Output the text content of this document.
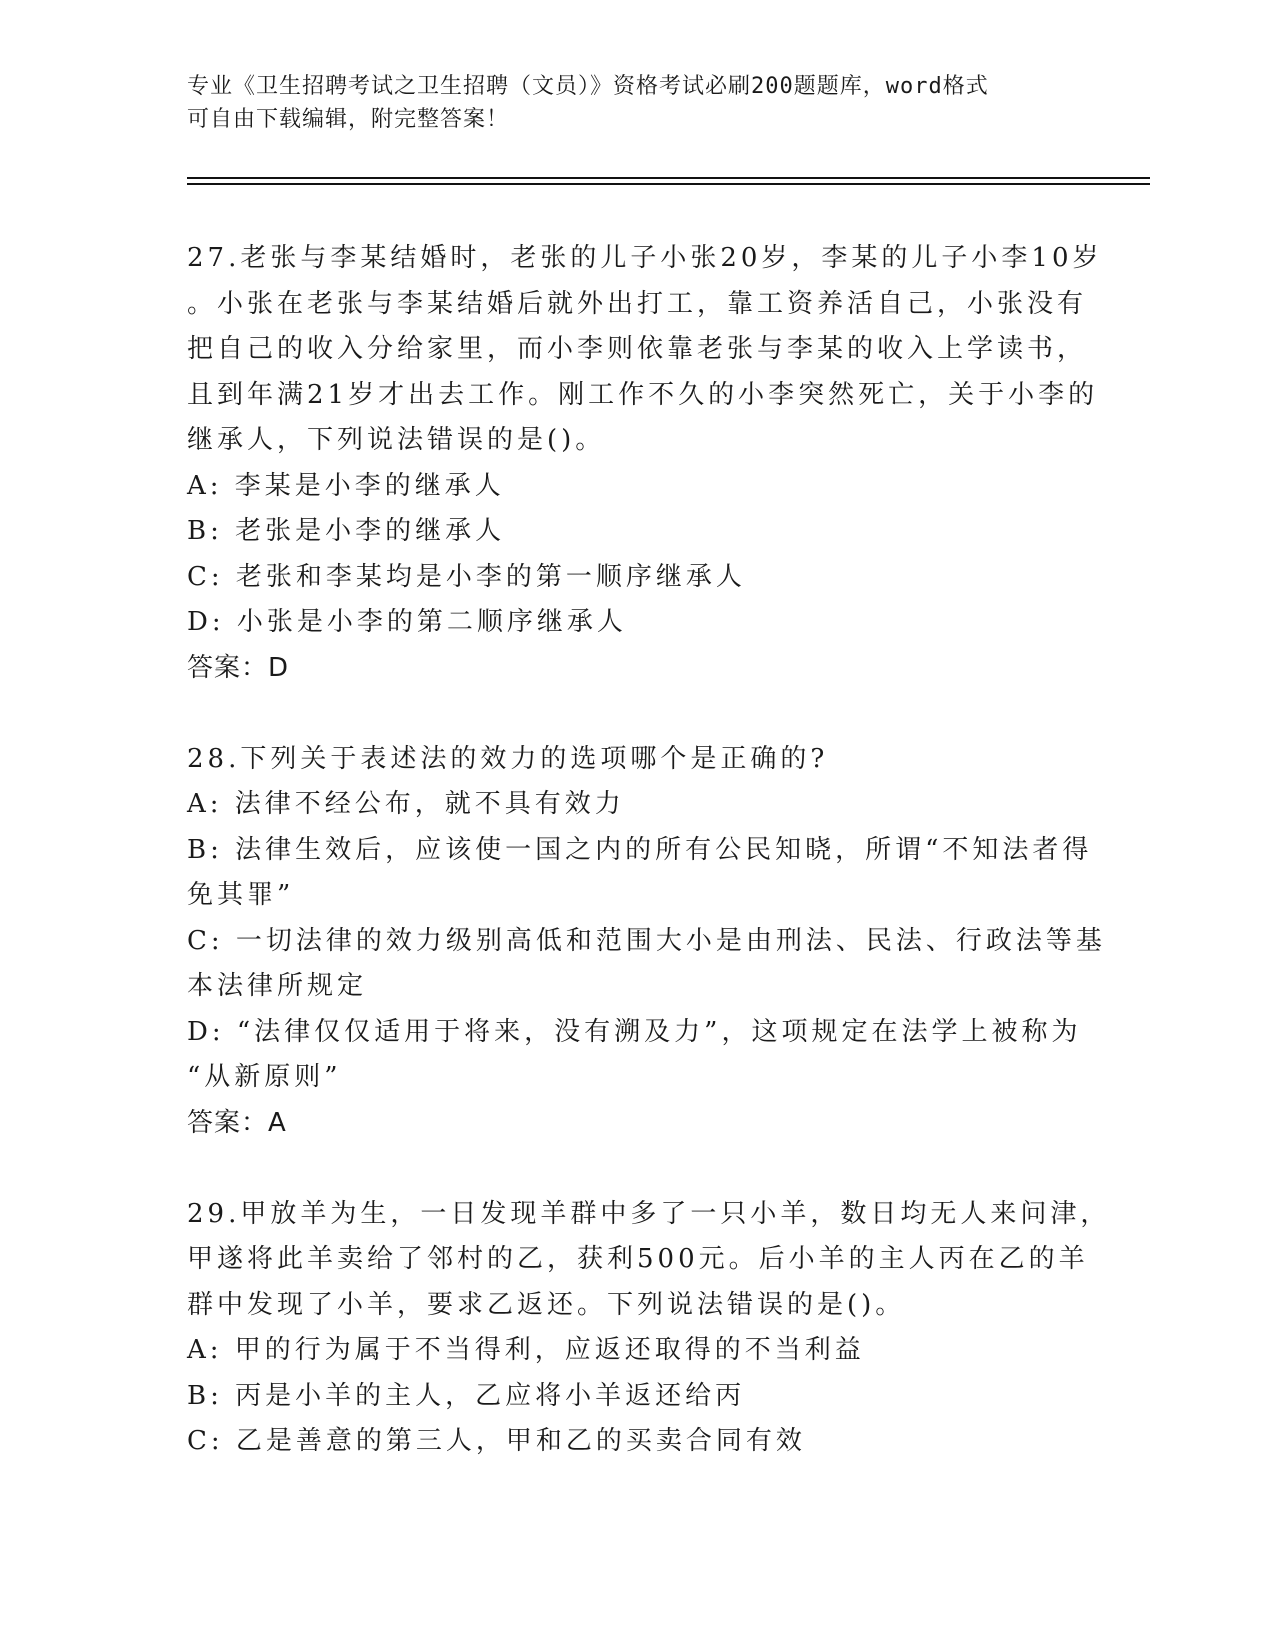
专业《卫生招聘考试之卫生招聘（文员）》资格考试必刷200题题库，word格式
可自由下载编辑，附完整答案！
27.老张与李某结婚时，老张的儿子小张20岁，李某的儿子小李10岁
。小张在老张与李某结婚后就外出打工，靠工资养活自己，小张没有
把自己的收入分给家里，而小李则依靠老张与李某的收入上学读书，
且到年满21岁才出去工作。刚工作不久的小李突然死亡，关于小李的
继承人，下列说法错误的是()。
A: 李某是小李的继承人
B: 老张是小李的继承人
C: 老张和李某均是小李的第一顺序继承人
D: 小张是小李的第二顺序继承人
答案：D
28.下列关于表述法的效力的选项哪个是正确的?
A: 法律不经公布，就不具有效力
B: 法律生效后，应该使一国之内的所有公民知晓，所谓“不知法者得
免其罪”
C: 一切法律的效力级别高低和范围大小是由刑法、民法、行政法等基
本法律所规定
D: “法律仅仅适用于将来，没有溯及力”，这项规定在法学上被称为
“从新原则”
答案：A
29.甲放羊为生，一日发现羊群中多了一只小羊，数日均无人来问津，
甲遂将此羊卖给了邻村的乙，获利500元。后小羊的主人丙在乙的羊
群中发现了小羊，要求乙返还。下列说法错误的是()。
A: 甲的行为属于不当得利，应返还取得的不当利益
B: 丙是小羊的主人，乙应将小羊返还给丙
C: 乙是善意的第三人，甲和乙的买卖合同有效
